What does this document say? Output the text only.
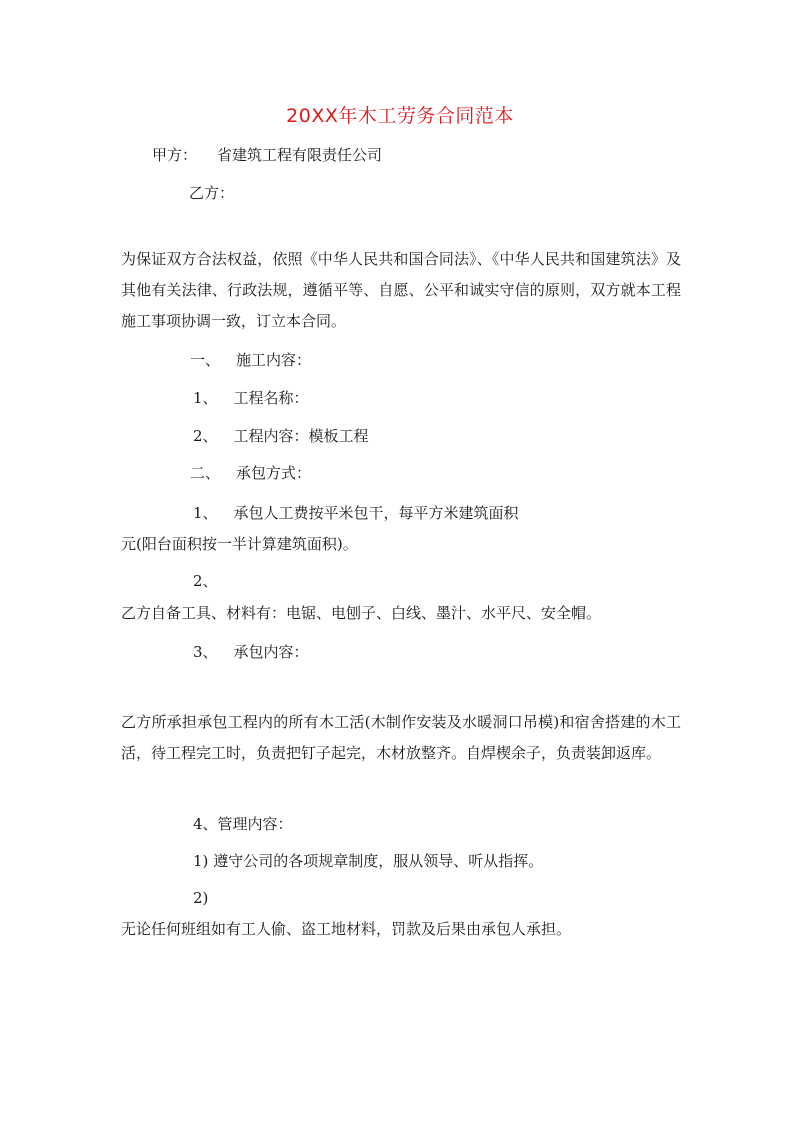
20XX年木工劳务合同范本
甲方： 省建筑工程有限责任公司
乙方：
为保证双方合法权益，依照《中华人民共和国合同法》、《中华人民共和国建筑法》及其他有关法律、行政法规，遵循平等、自愿、公平和诚实守信的原则，双方就本工程施工事项协调一致，订立本合同。
一、 施工内容：
1、 工程名称：
2、 工程内容：模板工程
二、 承包方式：
1、 承包人工费按平米包干，每平方米建筑面积
元(阳台面积按一半计算建筑面积)。
2、
乙方自备工具、材料有：电锯、电刨子、白线、墨汁、水平尺、安全帽。
3、 承包内容：
乙方所承担承包工程内的所有木工活(木制作安装及水暖洞口吊模)和宿舍搭建的木工活，待工程完工时，负责把钉子起完，木材放整齐。自焊楔余子，负责装卸返库。
4、管理内容：
1) 遵守公司的各项规章制度，服从领导、听从指挥。
2)
无论任何班组如有工人偷、盗工地材料，罚款及后果由承包人承担。
